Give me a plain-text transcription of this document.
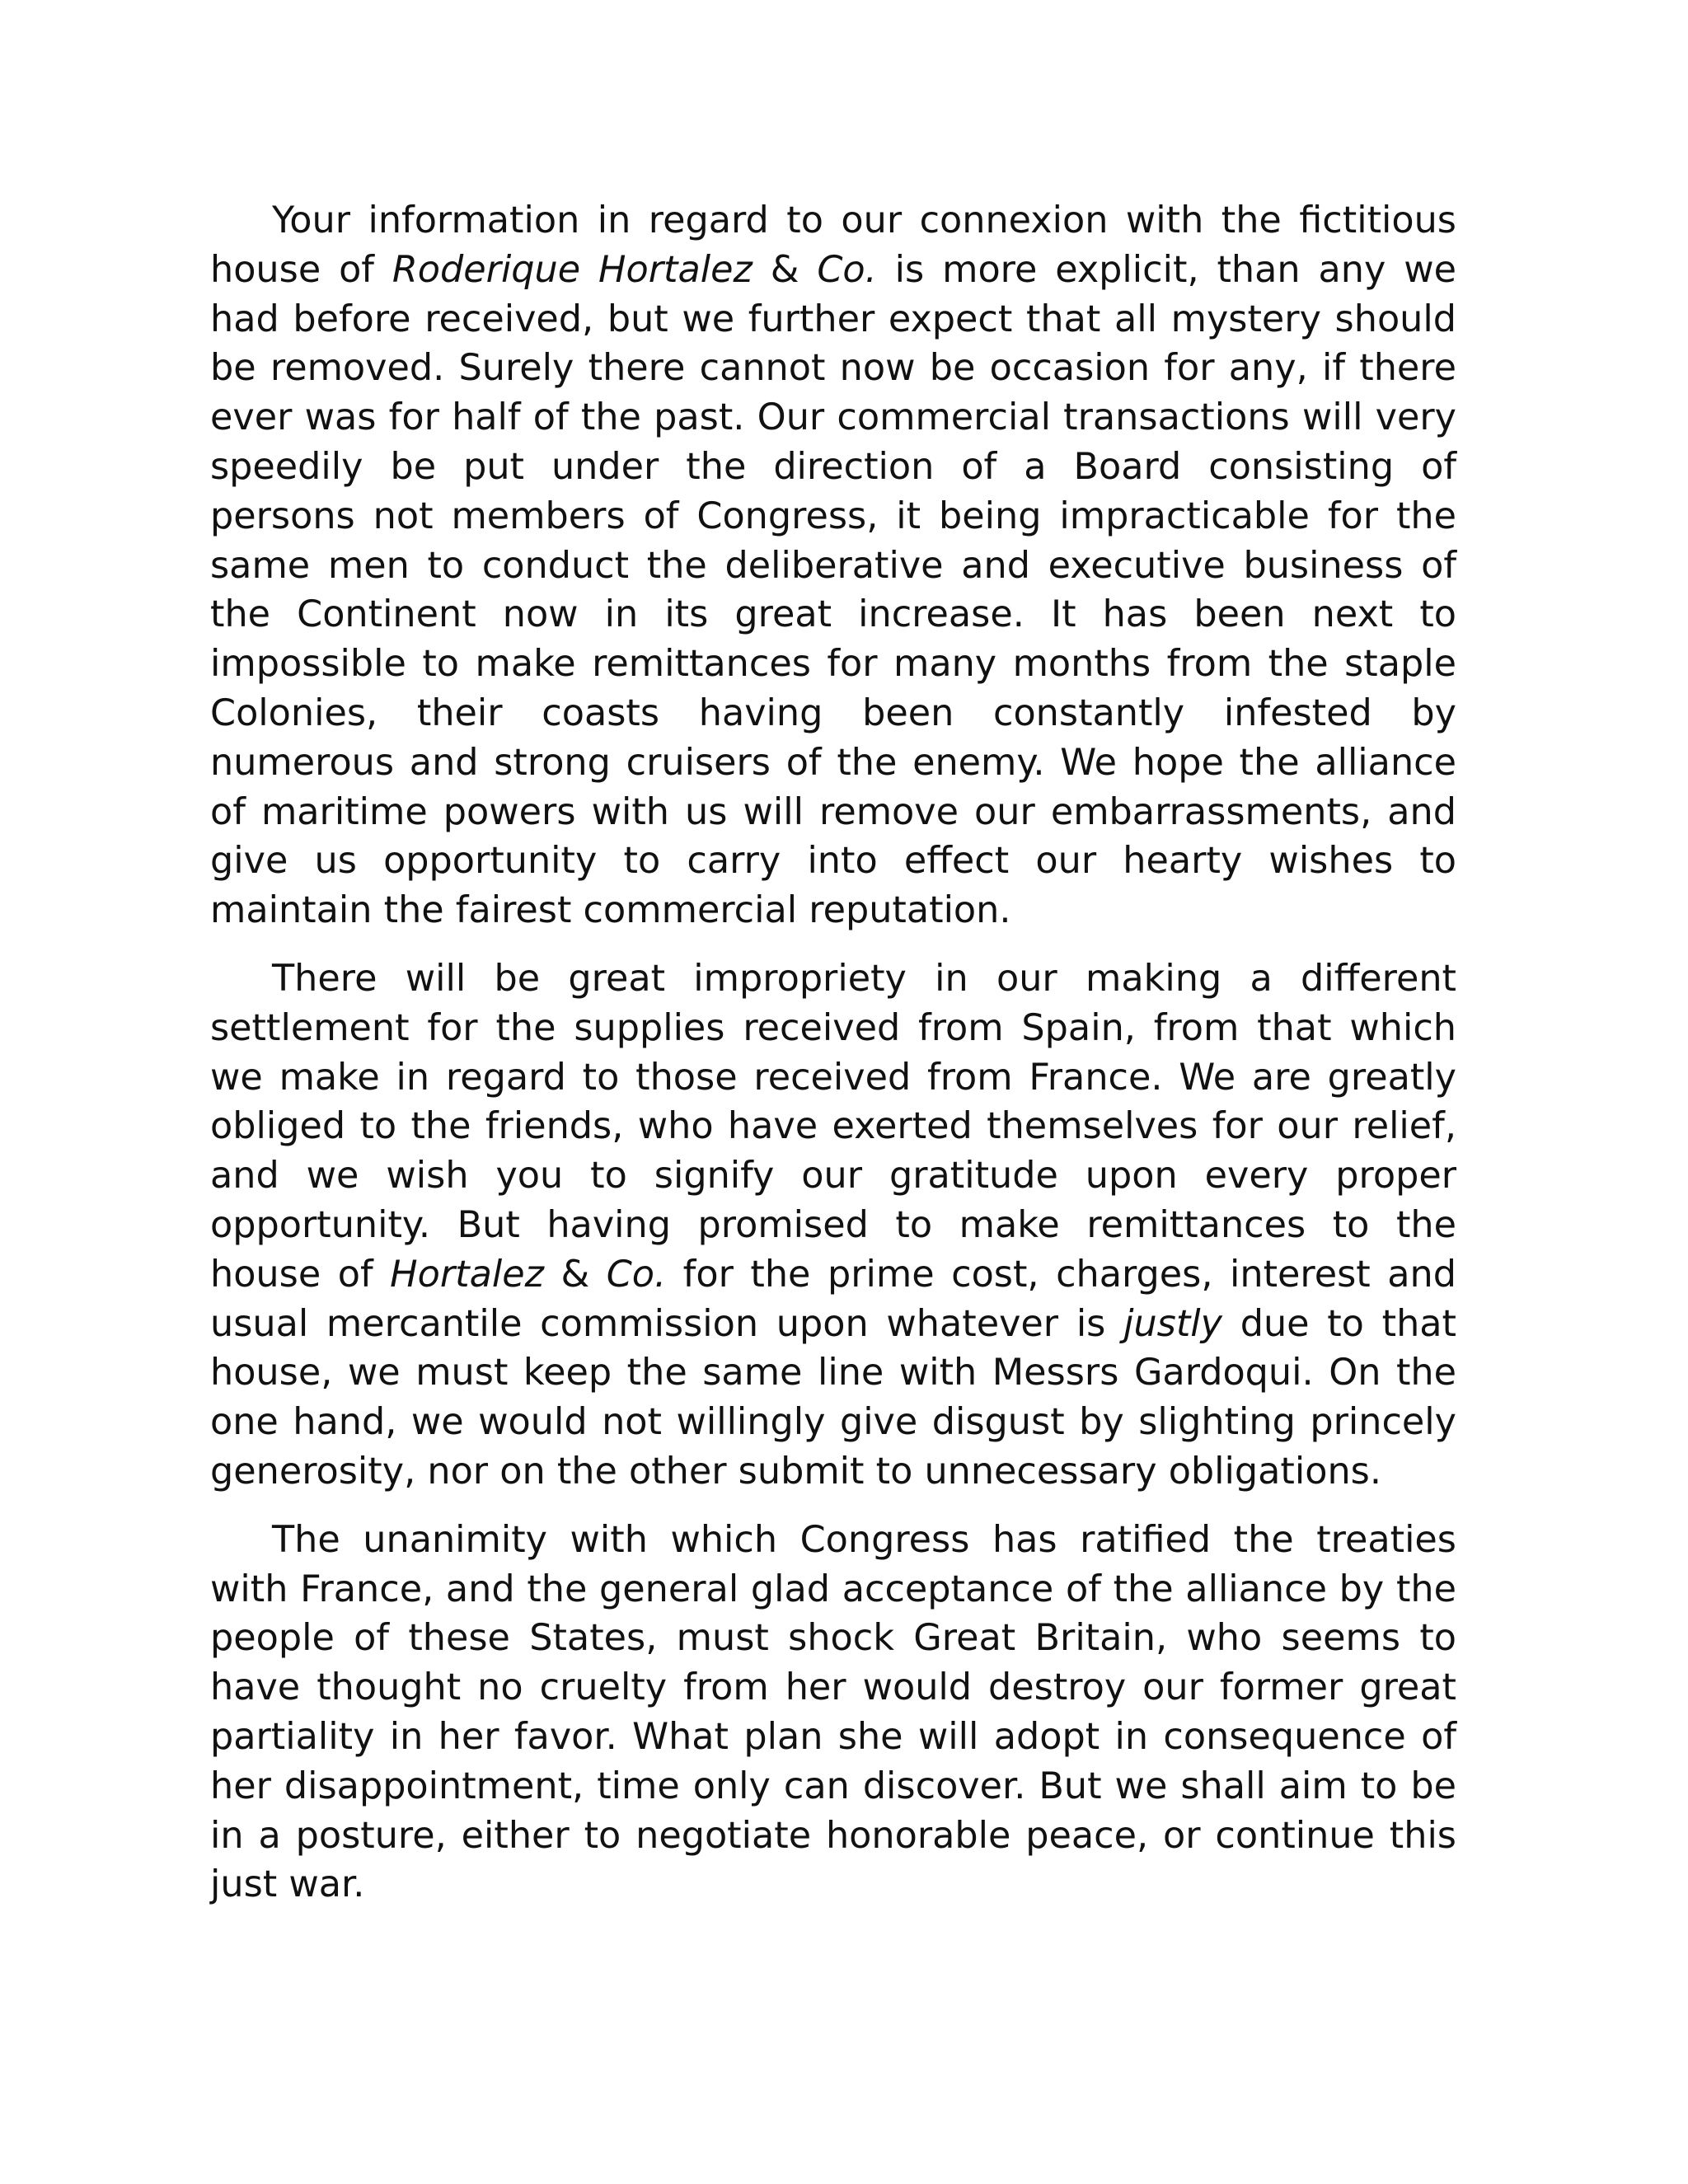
Your information in regard to our connexion with the fictitious house of Roderique Hortalez & Co. is more explicit, than any we had before received, but we further expect that all mystery should be removed. Surely there cannot now be occasion for any, if there ever was for half of the past. Our commercial transactions will very speedily be put under the direction of a Board consisting of persons not members of Congress, it being impracticable for the same men to conduct the deliberative and executive business of the Continent now in its great increase. It has been next to impossible to make remittances for many months from the staple Colonies, their coasts having been constantly infested by numerous and strong cruisers of the enemy. We hope the alliance of maritime powers with us will remove our embarrassments, and give us opportunity to carry into effect our hearty wishes to maintain the fairest commercial reputation.

There will be great impropriety in our making a different settlement for the supplies received from Spain, from that which we make in regard to those received from France. We are greatly obliged to the friends, who have exerted themselves for our relief, and we wish you to signify our gratitude upon every proper opportunity. But having promised to make remittances to the house of Hortalez & Co. for the prime cost, charges, interest and usual mercantile commission upon whatever is justly due to that house, we must keep the same line with Messrs Gardoqui. On the one hand, we would not willingly give disgust by slighting princely generosity, nor on the other submit to unnecessary obligations.

The unanimity with which Congress has ratified the treaties with France, and the general glad acceptance of the alliance by the people of these States, must shock Great Britain, who seems to have thought no cruelty from her would destroy our former great partiality in her favor. What plan she will adopt in consequence of her disappointment, time only can discover. But we shall aim to be in a posture, either to negotiate honorable peace, or continue this just war.
